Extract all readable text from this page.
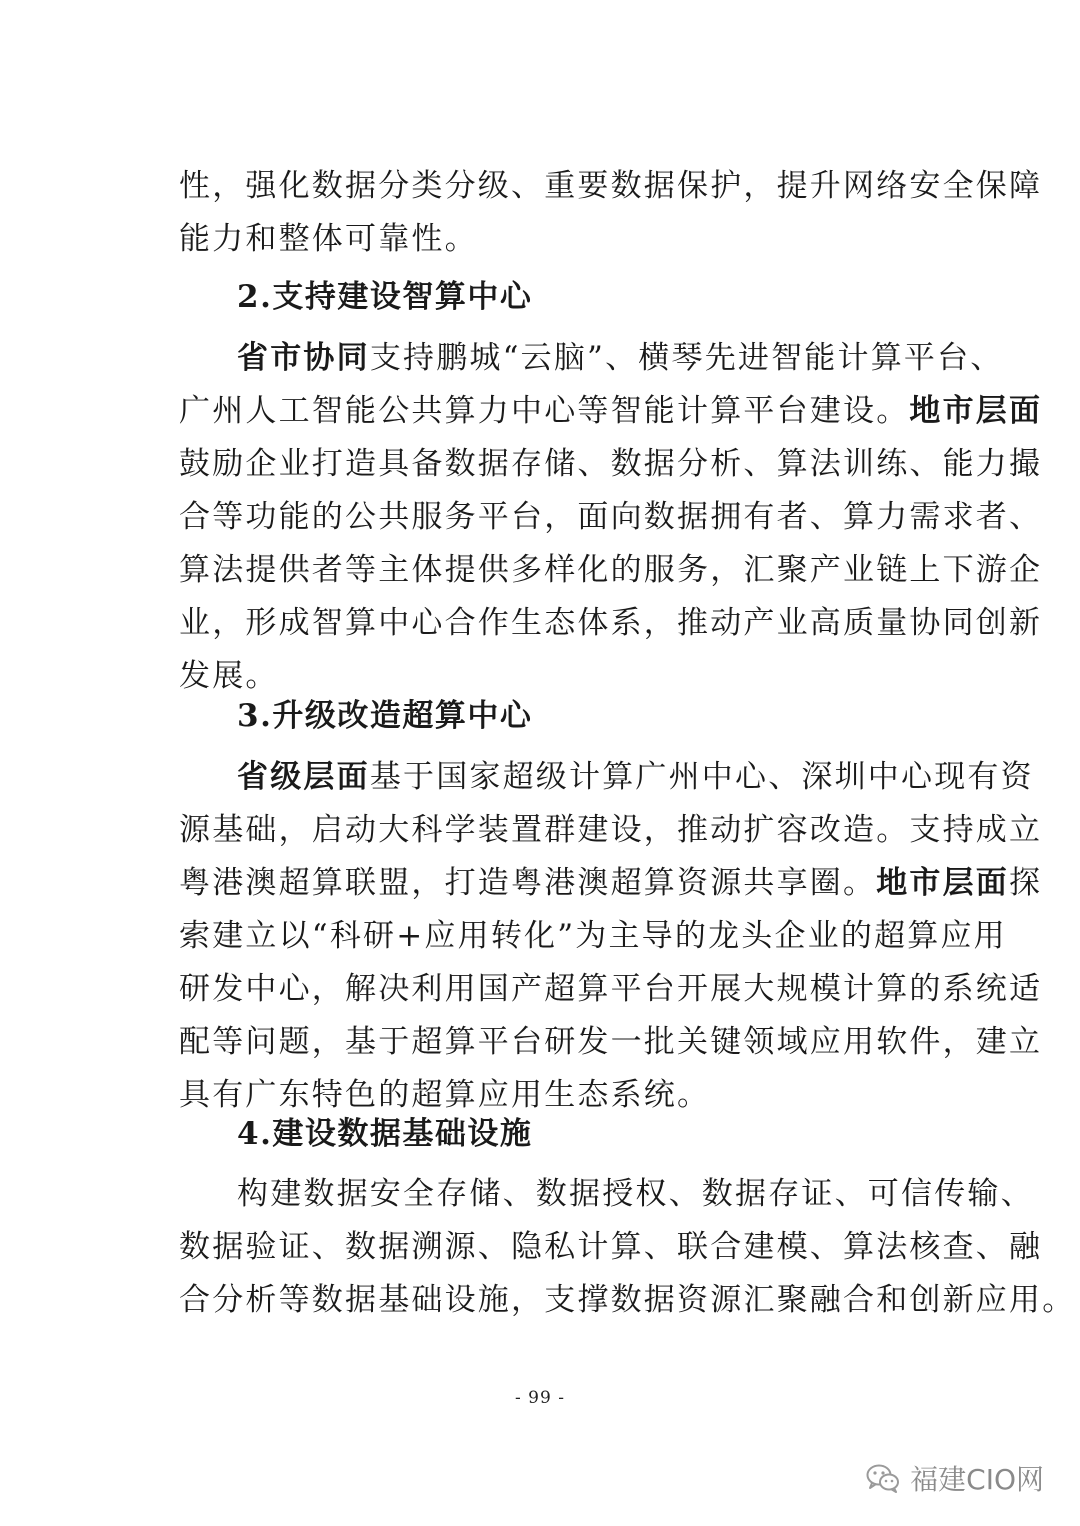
性，强化数据分类分级、重要数据保护，提升网络安全保障
能力和整体可靠性。
2.支持建设智算中心
省市协同支持鹏城“云脑”、横琴先进智能计算平台、
广州人工智能公共算力中心等智能计算平台建设。地市层面
鼓励企业打造具备数据存储、数据分析、算法训练、能力撮
合等功能的公共服务平台，面向数据拥有者、算力需求者、
算法提供者等主体提供多样化的服务，汇聚产业链上下游企
业，形成智算中心合作生态体系，推动产业高质量协同创新
发展。
3.升级改造超算中心
省级层面基于国家超级计算广州中心、深圳中心现有资
源基础，启动大科学装置群建设，推动扩容改造。支持成立
粤港澳超算联盟，打造粤港澳超算资源共享圈。地市层面探
索建立以“科研+应用转化”为主导的龙头企业的超算应用
研发中心，解决利用国产超算平台开展大规模计算的系统适
配等问题，基于超算平台研发一批关键领域应用软件，建立
具有广东特色的超算应用生态系统。
4.建设数据基础设施
构建数据安全存储、数据授权、数据存证、可信传输、
数据验证、数据溯源、隐私计算、联合建模、算法核查、融
合分析等数据基础设施，支撑数据资源汇聚融合和创新应用。
- 99 -
福建CIO网
